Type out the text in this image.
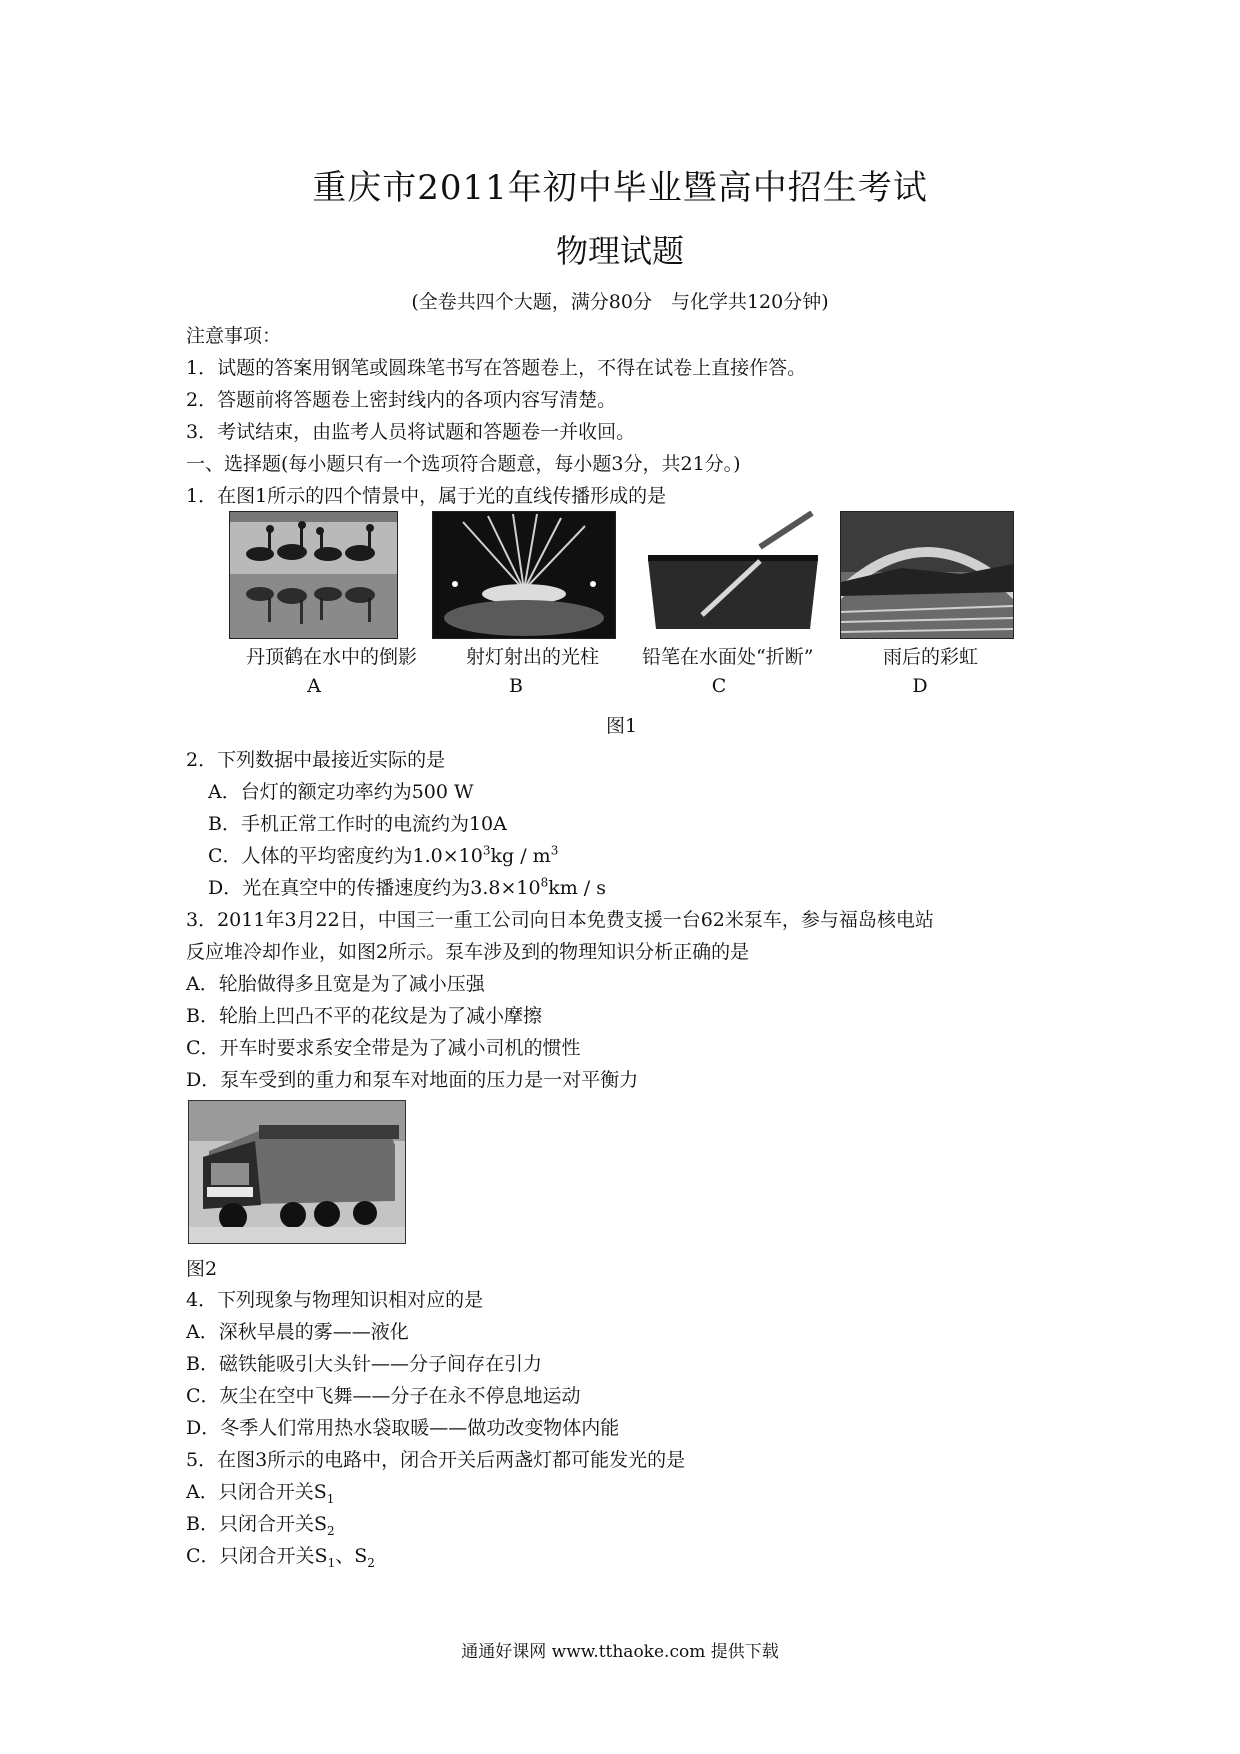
重庆市2011年初中毕业暨高中招生考试
物理试题
(全卷共四个大题，满分80分　与化学共120分钟)
注意事项：
1．试题的答案用钢笔或圆珠笔书写在答题卷上，不得在试卷上直接作答。
2．答题前将答题卷上密封线内的各项内容写清楚。
3．考试结束，由监考人员将试题和答题卷一并收回。
一、选择题(每小题只有一个选项符合题意，每小题3分，共21分。)
1．在图1所示的四个情景中，属于光的直线传播形成的是
丹顶鹤在水中的倒影	射灯射出的光柱 铅笔在水面处“折断”	雨后的彩虹
A	B	C	D
图1
2．下列数据中最接近实际的是
A．台灯的额定功率约为500 W
B．手机正常工作时的电流约为10A
C．人体的平均密度约为$1.0\times 10^3kg / m^3$
D．光在真空中的传播速度约为$3.8\times 10^8km / s$
3．2011年3月22日，中国三一重工公司向日本免费支援一台62米泵车，参与福岛核电站
反应堆冷却作业，如图2所示。泵车涉及到的物理知识分析正确的是
A．轮胎做得多且宽是为了减小压强
B．轮胎上凹凸不平的花纹是为了减小摩擦
C．开车时要求系安全带是为了减小司机的惯性
D．泵车受到的重力和泵车对地面的压力是一对平衡力
图2
4．下列现象与物理知识相对应的是
A．深秋早晨的雾——液化
B．磁铁能吸引大头针——分子间存在引力
C．灰尘在空中飞舞——分子在永不停息地运动
D．冬季人们常用热水袋取暖——做功改变物体内能
5．在图3所示的电路中，闭合开关后两盏灯都可能发光的是
A．只闭合开关$S_1$
B．只闭合开关$S_2$
C．只闭合开关$S_1$、$S_2$
通通好课网 www.tthaoke.com 提供下载
